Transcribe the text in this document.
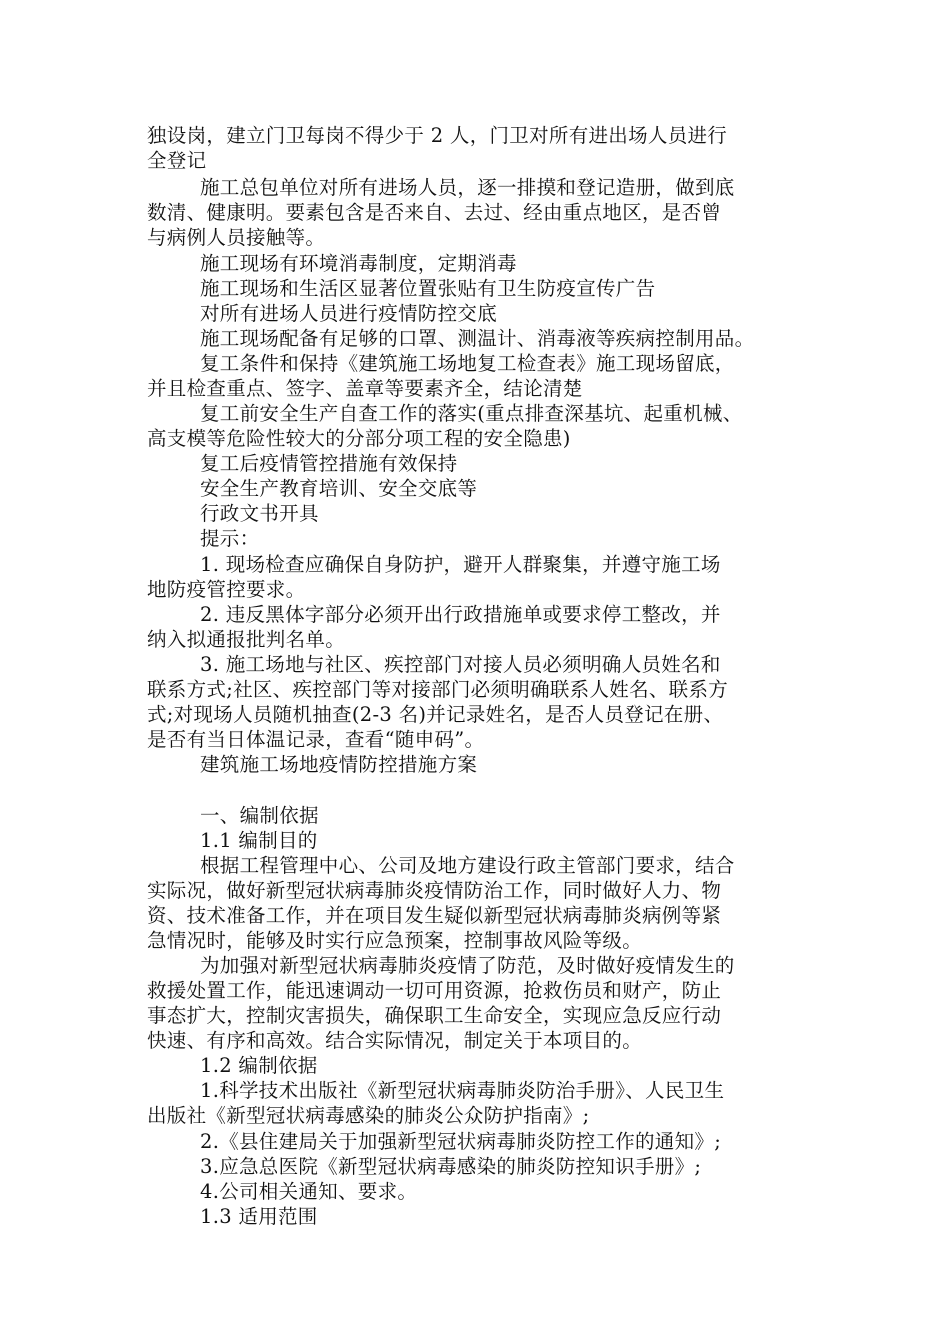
独设岗，建立门卫每岗不得少于 2 人，门卫对所有进出场人员进行
全登记
施工总包单位对所有进场人员，逐一排摸和登记造册，做到底
数清、健康明。要素包含是否来自、去过、经由重点地区，是否曾
与病例人员接触等。
施工现场有环境消毒制度，定期消毒
施工现场和生活区显著位置张贴有卫生防疫宣传广告
对所有进场人员进行疫情防控交底
施工现场配备有足够的口罩、测温计、消毒液等疾病控制用品。
复工条件和保持《建筑施工场地复工检查表》施工现场留底，
并且检查重点、签字、盖章等要素齐全，结论清楚
复工前安全生产自查工作的落实(重点排查深基坑、起重机械、
高支模等危险性较大的分部分项工程的安全隐患)
复工后疫情管控措施有效保持
安全生产教育培训、安全交底等
行政文书开具
提示：
1. 现场检查应确保自身防护，避开人群聚集，并遵守施工场
地防疫管控要求。
2. 违反黑体字部分必须开出行政措施单或要求停工整改，并
纳入拟通报批判名单。
3. 施工场地与社区、疾控部门对接人员必须明确人员姓名和
联系方式;社区、疾控部门等对接部门必须明确联系人姓名、联系方
式;对现场人员随机抽查(2-3 名)并记录姓名，是否人员登记在册、
是否有当日体温记录，查看“随申码”。
建筑施工场地疫情防控措施方案
一、编制依据
1.1 编制目的
根据工程管理中心、公司及地方建设行政主管部门要求，结合
实际况，做好新型冠状病毒肺炎疫情防治工作，同时做好人力、物
资、技术准备工作，并在项目发生疑似新型冠状病毒肺炎病例等紧
急情况时，能够及时实行应急预案，控制事故风险等级。
为加强对新型冠状病毒肺炎疫情了防范，及时做好疫情发生的
救援处置工作，能迅速调动一切可用资源，抢救伤员和财产，防止
事态扩大，控制灾害损失，确保职工生命安全，实现应急反应行动
快速、有序和高效。结合实际情况，制定关于本项目的。
1.2 编制依据
1.科学技术出版社《新型冠状病毒肺炎防治手册》、人民卫生
出版社《新型冠状病毒感染的肺炎公众防护指南》;
2.《县住建局关于加强新型冠状病毒肺炎防控工作的通知》;
3.应急总医院《新型冠状病毒感染的肺炎防控知识手册》;
4.公司相关通知、要求。
1.3 适用范围
